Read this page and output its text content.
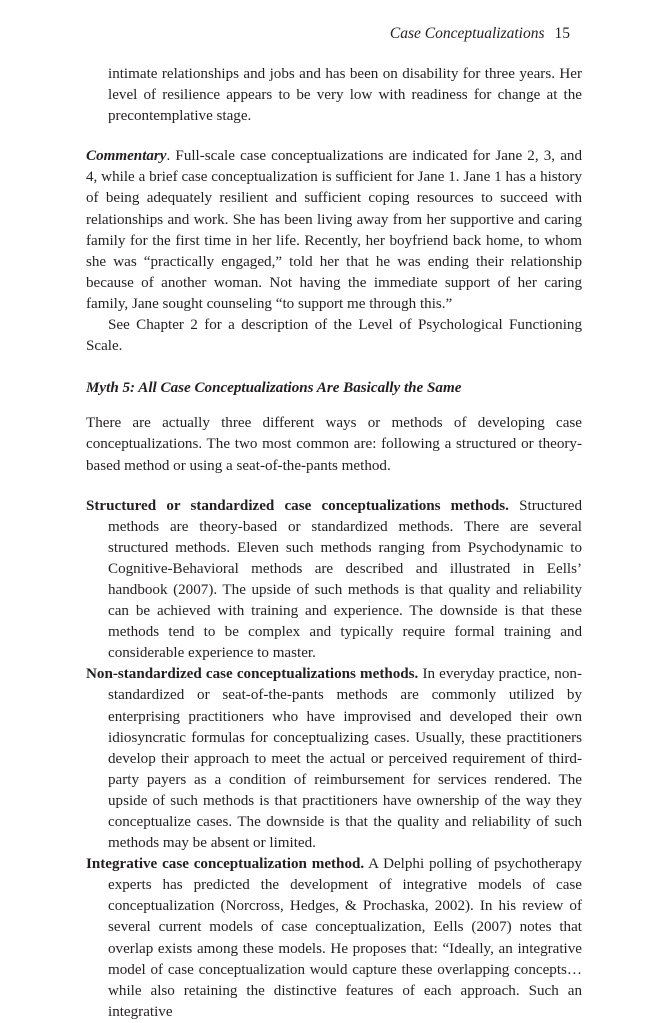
Case Conceptualizations 15

intimate relationships and jobs and has been on disability for three years. Her level of resilience appears to be very low with readiness for change at the precontemplative stage.

Commentary. Full-scale case conceptualizations are indicated for Jane 2, 3, and 4, while a brief case conceptualization is sufficient for Jane 1. Jane 1 has a history of being adequately resilient and sufficient coping resources to succeed with relationships and work. She has been living away from her supportive and caring family for the first time in her life. Recently, her boyfriend back home, to whom she was “practically engaged,” told her that he was ending their relationship because of another woman. Not having the immediate support of her caring family, Jane sought counseling “to support me through this.”

See Chapter 2 for a description of the Level of Psychological Functioning Scale.

Myth 5: All Case Conceptualizations Are Basically the Same

There are actually three different ways or methods of developing case conceptualizations. The two most common are: following a structured or theory-based method or using a seat-of-the-pants method.

Structured or standardized case conceptualizations methods. Structured methods are theory-based or standardized methods. There are several structured methods. Eleven such methods ranging from Psychodynamic to Cognitive-Behavioral methods are described and illustrated in Eells’ handbook (2007). The upside of such methods is that quality and reliability can be achieved with training and experience. The downside is that these methods tend to be complex and typically require formal training and considerable experience to master.

Non-standardized case conceptualizations methods. In everyday practice, non-standardized or seat-of-the-pants methods are commonly utilized by enterprising practitioners who have improvised and developed their own idiosyncratic formulas for conceptualizing cases. Usually, these practitioners develop their approach to meet the actual or perceived requirement of third-party payers as a condition of reimbursement for services rendered. The upside of such methods is that practitioners have ownership of the way they conceptualize cases. The downside is that the quality and reliability of such methods may be absent or limited.

Integrative case conceptualization method. A Delphi polling of psychotherapy experts has predicted the development of integrative models of case conceptualization (Norcross, Hedges, & Prochaska, 2002). In his review of several current models of case conceptualization, Eells (2007) notes that overlap exists among these models. He proposes that: “Ideally, an integrative model of case conceptualization would capture these overlapping concepts… while also retaining the distinctive features of each approach. Such an integrative
